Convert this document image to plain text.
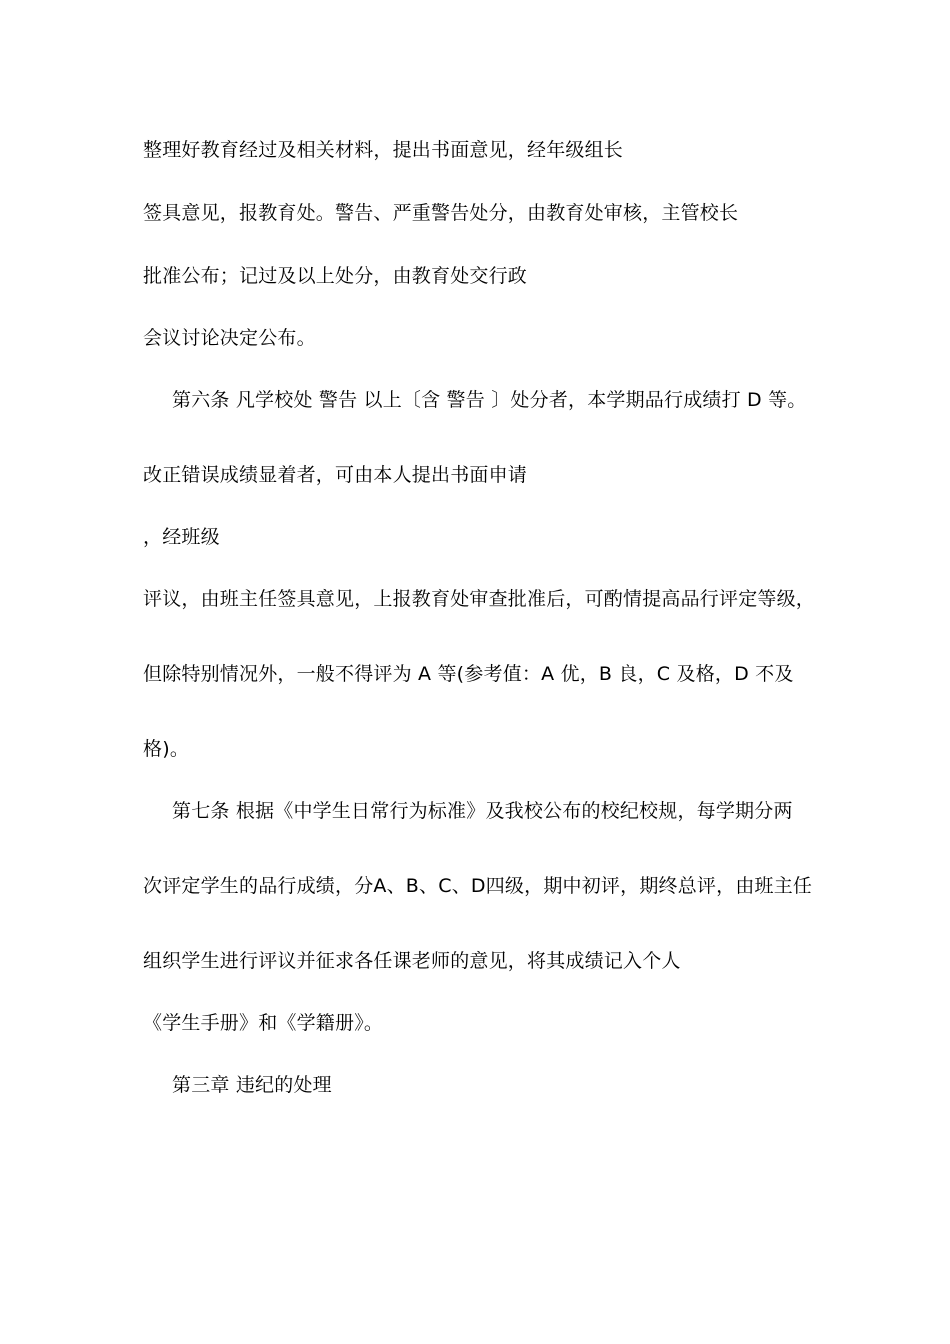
整理好教育经过及相关材料，提出书面意见，经年级组长
签具意见，报教育处。警告、严重警告处分，由教育处审核，主管校长
批准公布；记过及以上处分，由教育处交行政
会议讨论决定公布。
第六条 凡学校处 警告 以上〔含 警告 〕处分者，本学期品行成绩打 D 等。
改正错误成绩显着者，可由本人提出书面申请
，经班级
评议，由班主任签具意见，上报教育处审查批准后，可酌情提高品行评定等级，
但除特别情况外，一般不得评为 A 等(参考值：A 优，B 良，C 及格，D 不及
格)。
第七条 根据《中学生日常行为标准》及我校公布的校纪校规，每学期分两
次评定学生的品行成绩，分A、B、C、D四级，期中初评，期终总评，由班主任
组织学生进行评议并征求各任课老师的意见，将其成绩记入个人
《学生手册》和《学籍册》。
第三章 违纪的处理
